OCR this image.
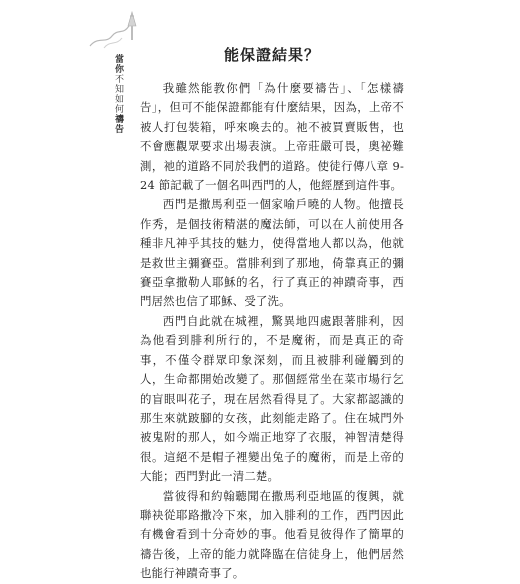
當你不知如何禱告
能保證結果？

我雖然能教你們「為什麼要禱告」、「怎樣禱告」，但可不能保證都能有什麼結果，因為，上帝不被人打包裝箱，呼來喚去的。祂不被買賣販售，也不會應觀眾要求出場表演。上帝莊嚴可畏，奧祕難測，祂的道路不同於我們的道路。使徒行傳八章 9-24 節記載了一個名叫西門的人，他經歷到這件事。

西門是撒馬利亞一個家喻戶曉的人物。他擅長作秀，是個技術精湛的魔法師，可以在人前使用各種非凡神乎其技的魅力，使得當地人都以為，他就是救世主彌賽亞。當腓利到了那地，倚靠真正的彌賽亞拿撒勒人耶穌的名，行了真正的神蹟奇事，西門居然也信了耶穌、受了洗。

西門自此就在城裡，驚異地四處跟著腓利，因為他看到腓利所行的，不是魔術，而是真正的奇事，不僅令群眾印象深刻，而且被腓利碰觸到的人，生命都開始改變了。那個經常坐在菜市場行乞的盲眼叫花子，現在居然看得見了。大家都認識的那生來就跛腳的女孩，此刻能走路了。住在城門外被鬼附的那人，如今端正地穿了衣服，神智清楚得很。這絕不是帽子裡變出兔子的魔術，而是上帝的大能；西門對此一清二楚。

當彼得和約翰聽聞在撒馬利亞地區的復興，就聯袂從耶路撒冷下來，加入腓利的工作，西門因此有機會看到十分奇妙的事。他看見彼得作了簡單的禱告後，上帝的能力就降臨在信徒身上，他們居然也能行神蹟奇事了。
